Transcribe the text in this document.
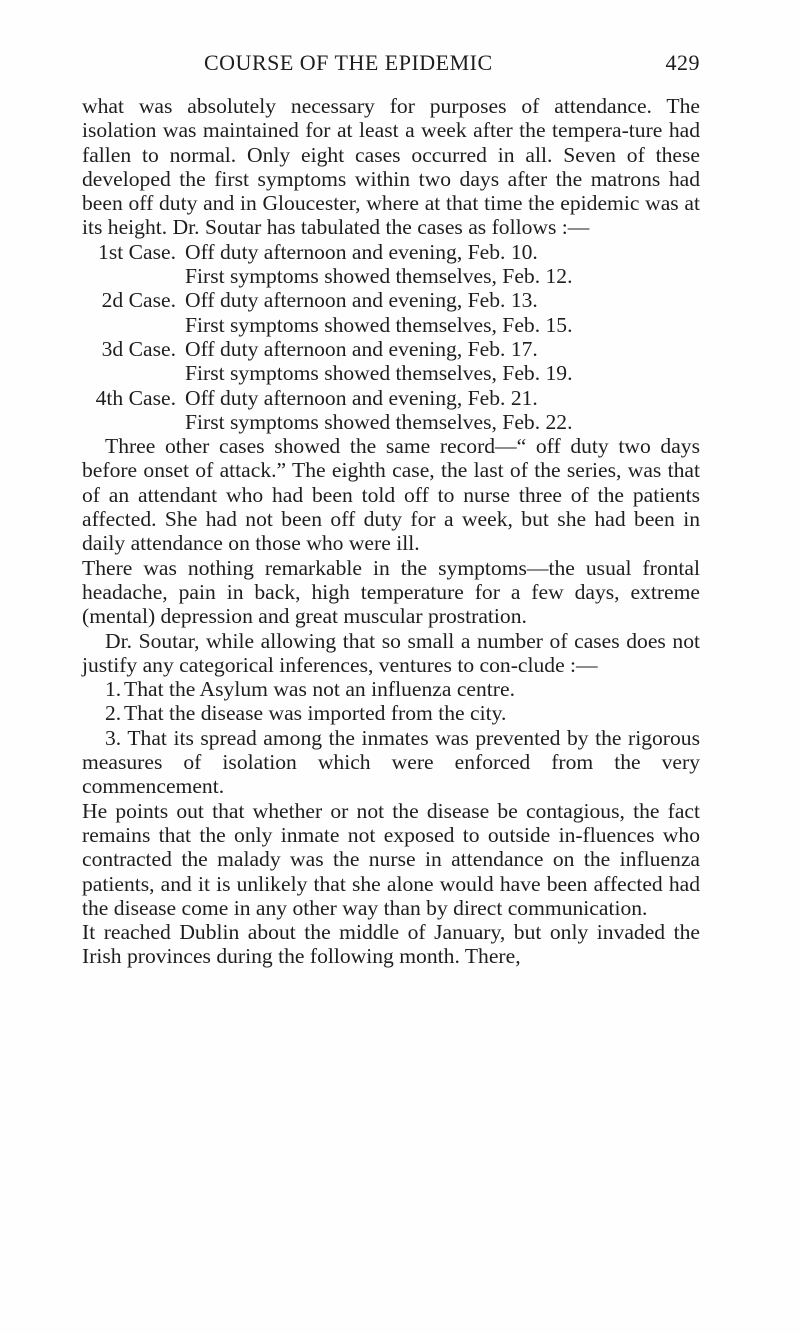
COURSE OF THE EPIDEMIC	429

what was absolutely necessary for purposes of attendance. The isolation was maintained for at least a week after the tempera-ture had fallen to normal. Only eight cases occurred in all. Seven of these developed the first symptoms within two days after the matrons had been off duty and in Gloucester, where at that time the epidemic was at its height. Dr. Soutar has tabulated the cases as follows :—

1st Case. Off duty afternoon and evening, Feb. 10.
First symptoms showed themselves, Feb. 12.
2d Case. Off duty afternoon and evening, Feb. 13.
First symptoms showed themselves, Feb. 15.
3d Case. Off duty afternoon and evening, Feb. 17.
First symptoms showed themselves, Feb. 19.
4th Case. Off duty afternoon and evening, Feb. 21.
First symptoms showed themselves, Feb. 22.

Three other cases showed the same record—“ off duty two days before onset of attack.” The eighth case, the last of the series, was that of an attendant who had been told off to nurse three of the patients affected. She had not been off duty for a week, but she had been in daily attendance on those who were ill.

There was nothing remarkable in the symptoms—the usual frontal headache, pain in back, high temperature for a few days, extreme (mental) depression and great muscular prostration.

Dr. Soutar, while allowing that so small a number of cases does not justify any categorical inferences, ventures to con-clude :—

1. That the Asylum was not an influenza centre.
2. That the disease was imported from the city.

3. That its spread among the inmates was prevented by the rigorous measures of isolation which were enforced from the very commencement.

He points out that whether or not the disease be contagious, the fact remains that the only inmate not exposed to outside in-fluences who contracted the malady was the nurse in attendance on the influenza patients, and it is unlikely that she alone would have been affected had the disease come in any other way than by direct communication.

It reached Dublin about the middle of January, but only invaded the Irish provinces during the following month. There,
